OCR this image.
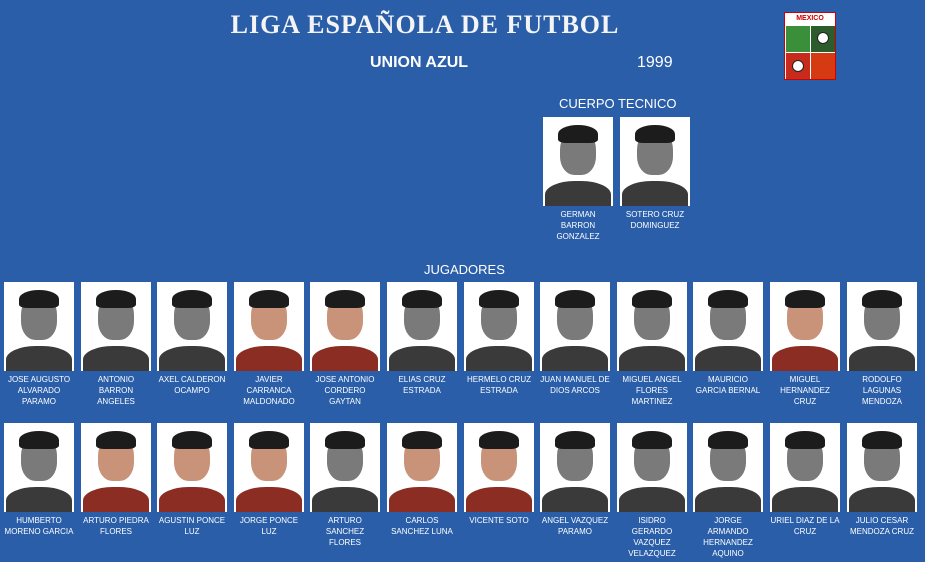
LIGA ESPAÑOLA DE FUTBOL
UNION AZUL	1999
MEXICO
CUERPO TECNICO
JUGADORES
GERMAN BARRON GONZALEZ
SOTERO CRUZ DOMINGUEZ
JOSE AUGUSTO ALVARADO PARAMO
ANTONIO BARRON ANGELES
AXEL CALDERON OCAMPO
JAVIER CARRANCA MALDONADO
JOSE ANTONIO CORDERO GAYTAN
ELIAS CRUZ ESTRADA
HERMELO CRUZ ESTRADA
JUAN MANUEL DE DIOS ARCOS
MIGUEL ANGEL FLORES MARTINEZ
MAURICIO GARCIA BERNAL
MIGUEL HERNANDEZ CRUZ
RODOLFO LAGUNAS MENDOZA
HUMBERTO MORENO GARCIA
ARTURO PIEDRA FLORES
AGUSTIN PONCE LUZ
JORGE PONCE LUZ
ARTURO SANCHEZ FLORES
CARLOS SANCHEZ LUNA
VICENTE SOTO	ANGEL VAZQUEZ PARAMO
ISIDRO GERARDO VAZQUEZ VELAZQUEZ
JORGE ARMANDO HERNANDEZ AQUINO
URIEL DIAZ DE LA CRUZ
JULIO CESAR MENDOZA CRUZ
